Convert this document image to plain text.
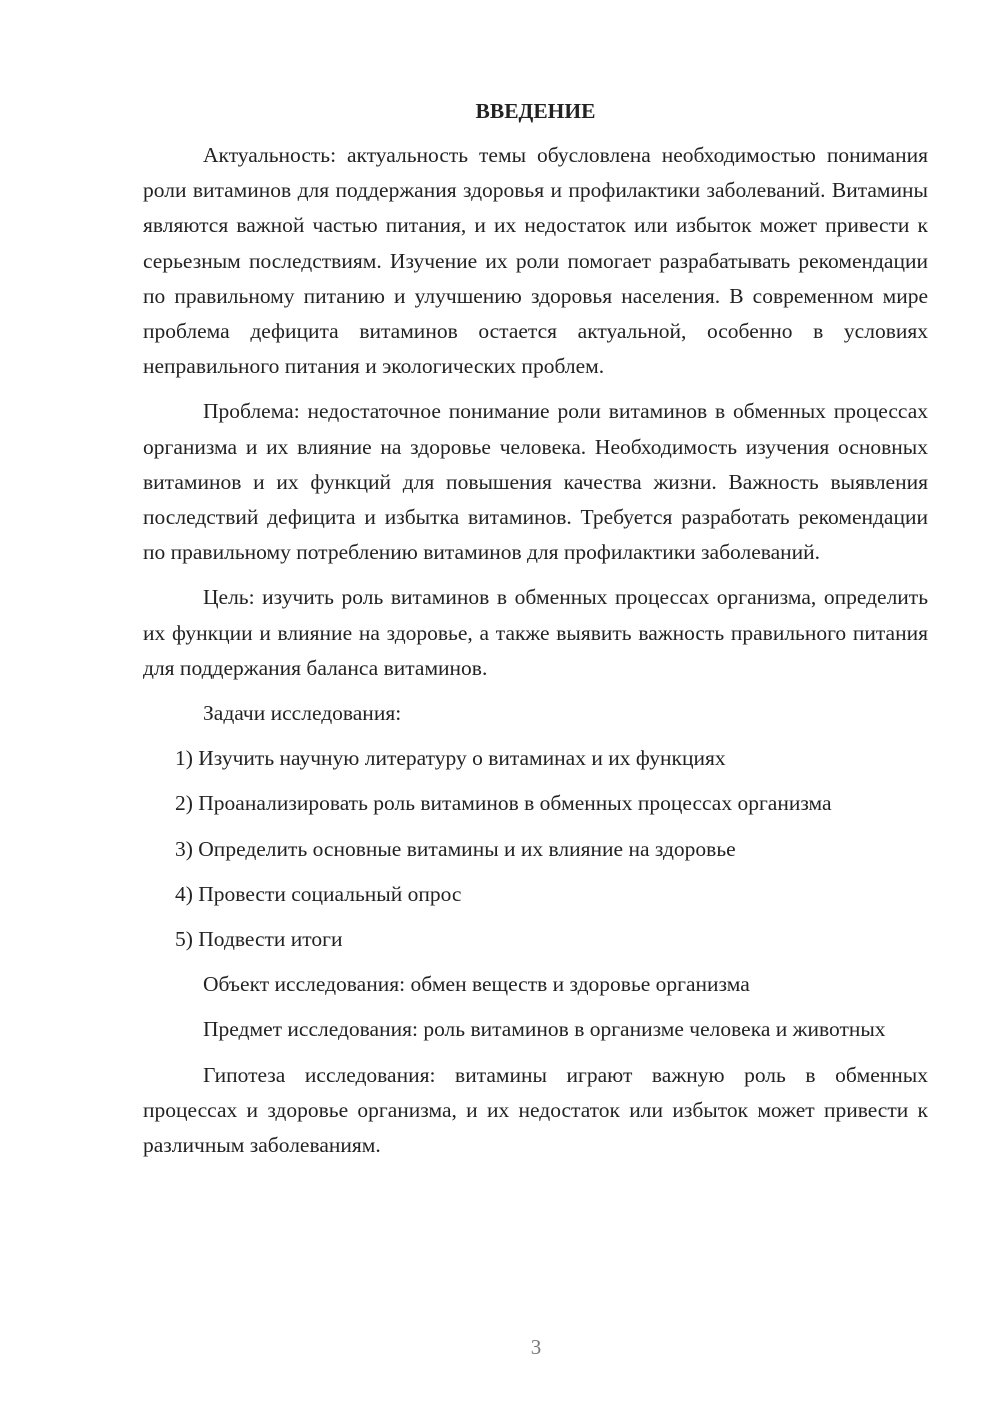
ВВЕДЕНИЕ

Актуальность: актуальность темы обусловлена необходимостью понимания роли витаминов для поддержания здоровья и профилактики заболеваний. Витамины являются важной частью питания, и их недостаток или избыток может привести к серьезным последствиям. Изучение их роли помогает разрабатывать рекомендации по правильному питанию и улучшению здоровья населения. В современном мире проблема дефицита витаминов остается актуальной, особенно в условиях неправильного питания и экологических проблем.

Проблема: недостаточное понимание роли витаминов в обменных процессах организма и их влияние на здоровье человека. Необходимость изучения основных витаминов и их функций для повышения качества жизни. Важность выявления последствий дефицита и избытка витаминов. Требуется разработать рекомендации по правильному потреблению витаминов для профилактики заболеваний.

Цель: изучить роль витаминов в обменных процессах организма, определить их функции и влияние на здоровье, а также выявить важность правильного питания для поддержания баланса витаминов.

Задачи исследования:

1) Изучить научную литературу о витаминах и их функциях

2) Проанализировать роль витаминов в обменных процессах организма

3) Определить основные витамины и их влияние на здоровье

4) Провести социальный опрос

5) Подвести итоги

Объект исследования: обмен веществ и здоровье организма

Предмет исследования: роль витаминов в организме человека и животных

Гипотеза исследования: витамины играют важную роль в обменных процессах и здоровье организма, и их недостаток или избыток может привести к различным заболеваниям.

3
